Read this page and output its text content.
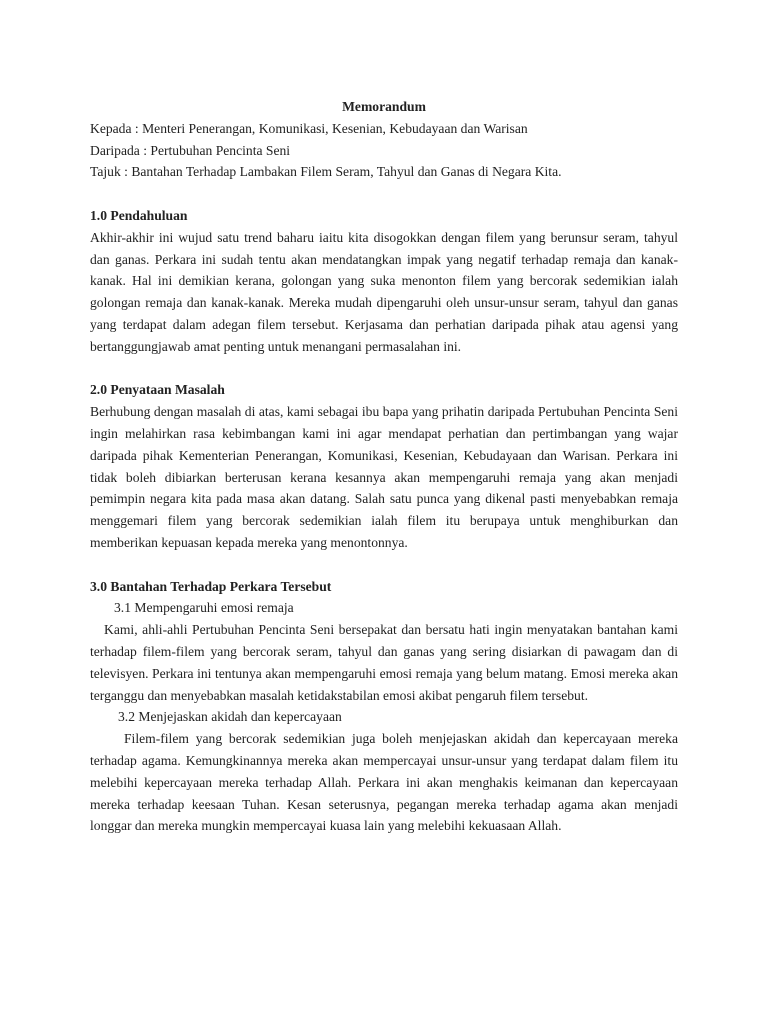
Memorandum

Kepada : Menteri Penerangan, Komunikasi, Kesenian, Kebudayaan dan Warisan

Daripada : Pertubuhan Pencinta Seni

Tajuk : Bantahan Terhadap Lambakan Filem Seram, Tahyul dan Ganas di Negara Kita.

1.0 Pendahuluan

Akhir-akhir ini wujud satu trend baharu iaitu kita disogokkan dengan filem yang berunsur seram, tahyul dan ganas. Perkara ini sudah tentu akan mendatangkan impak yang negatif terhadap remaja dan kanak-kanak. Hal ini demikian kerana, golongan yang suka menonton filem yang bercorak sedemikian ialah golongan remaja dan kanak-kanak. Mereka mudah dipengaruhi oleh unsur-unsur seram, tahyul dan ganas yang terdapat dalam adegan filem tersebut. Kerjasama dan perhatian daripada pihak atau agensi yang bertanggungjawab amat penting untuk menangani permasalahan ini.

2.0 Penyataan Masalah

Berhubung dengan masalah di atas, kami sebagai ibu bapa yang prihatin daripada Pertubuhan Pencinta Seni ingin melahirkan rasa kebimbangan kami ini agar mendapat perhatian dan pertimbangan yang wajar daripada pihak Kementerian Penerangan, Komunikasi, Kesenian, Kebudayaan dan Warisan. Perkara ini tidak boleh dibiarkan berterusan kerana kesannya akan mempengaruhi remaja yang akan menjadi pemimpin negara kita pada masa akan datang. Salah satu punca yang dikenal pasti menyebabkan remaja menggemari filem yang bercorak sedemikian ialah filem itu berupaya untuk menghiburkan dan memberikan kepuasan kepada mereka yang menontonnya.

3.0 Bantahan Terhadap Perkara Tersebut

3.1 Mempengaruhi emosi remaja

Kami, ahli-ahli Pertubuhan Pencinta Seni bersepakat dan bersatu hati ingin menyatakan bantahan kami terhadap filem-filem yang bercorak seram, tahyul dan ganas yang sering disiarkan di pawagam dan di televisyen. Perkara ini tentunya akan mempengaruhi emosi remaja yang belum matang. Emosi mereka akan terganggu dan menyebabkan masalah ketidakstabilan emosi akibat pengaruh filem tersebut.

3.2 Menjejaskan akidah dan kepercayaan

Filem-filem yang bercorak sedemikian juga boleh menjejaskan akidah dan kepercayaan mereka terhadap agama. Kemungkinannya mereka akan mempercayai unsur-unsur yang terdapat dalam filem itu melebihi kepercayaan mereka terhadap Allah. Perkara ini akan menghakis keimanan dan kepercayaan mereka terhadap keesaan Tuhan. Kesan seterusnya, pegangan mereka terhadap agama akan menjadi longgar dan mereka mungkin mempercayai kuasa lain yang melebihi kekuasaan Allah.
